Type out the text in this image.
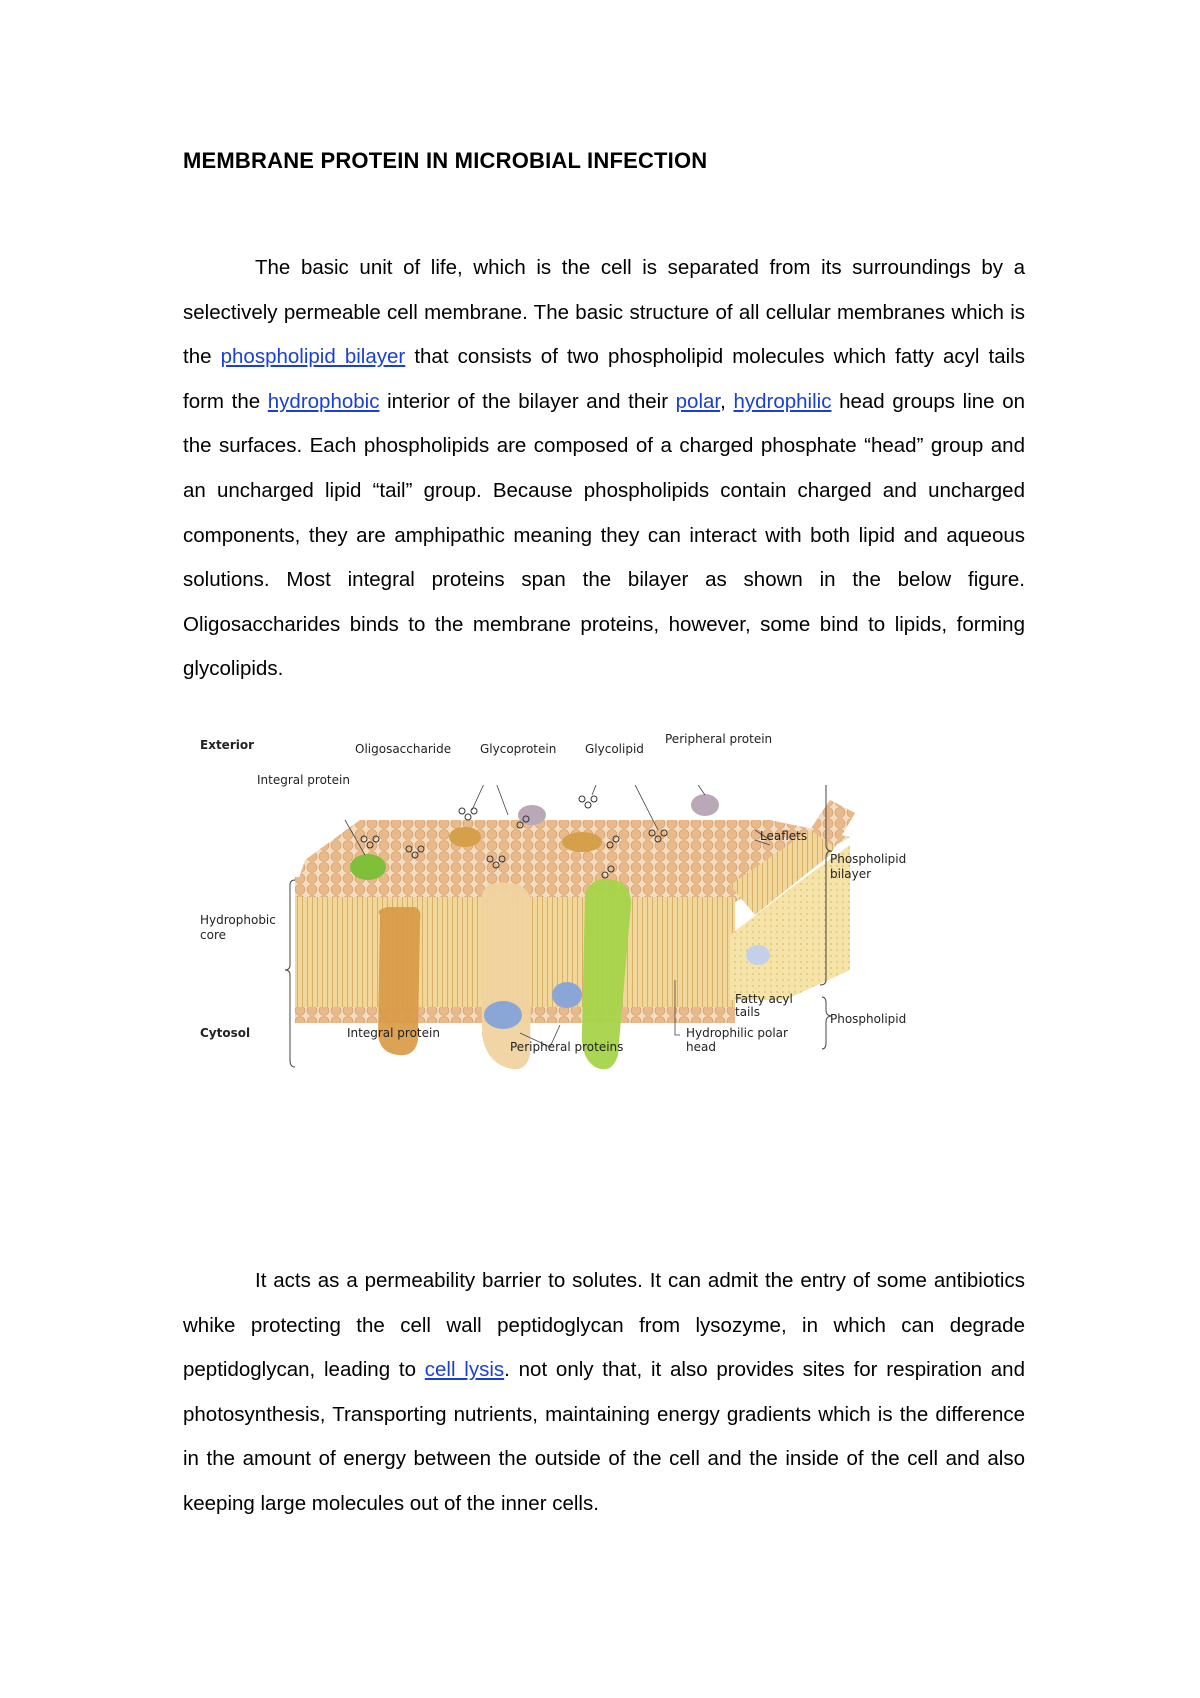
MEMBRANE PROTEIN IN MICROBIAL INFECTION

The basic unit of life, which is the cell is separated from its surroundings by a selectively permeable cell membrane. The basic structure of all cellular membranes which is the phospholipid bilayer that consists of two phospholipid molecules which fatty acyl tails form the hydrophobic interior of the bilayer and their polar, hydrophilic head groups line on the surfaces. Each phospholipids are composed of a charged phosphate “head” group and an uncharged lipid “tail” group. Because phospholipids contain charged and uncharged components, they are amphipathic meaning they can interact with both lipid and aqueous solutions. Most integral proteins span the bilayer as shown in the below figure. Oligosaccharides binds to the membrane proteins, however, some bind to lipids, forming glycolipids.

Exterior	Oligosaccharide Glycoprotein Glycolipid
Peripheral protein
Integral protein
Leaflets
Phospholipid
bilayer
Hydrophobic
core
Fatty acyl
tails	Phospholipid
Cytosol	Integral protein
Peripheral proteins
Hydrophilic polar
head

It acts as a permeability barrier to solutes. It can admit the entry of some antibiotics whike protecting the cell wall peptidoglycan from lysozyme, in which can degrade peptidoglycan, leading to cell lysis. not only that, it also provides sites for respiration and photosynthesis, Transporting nutrients, maintaining energy gradients which is the difference in the amount of energy between the outside of the cell and the inside of the cell and also keeping large molecules out of the inner cells.
